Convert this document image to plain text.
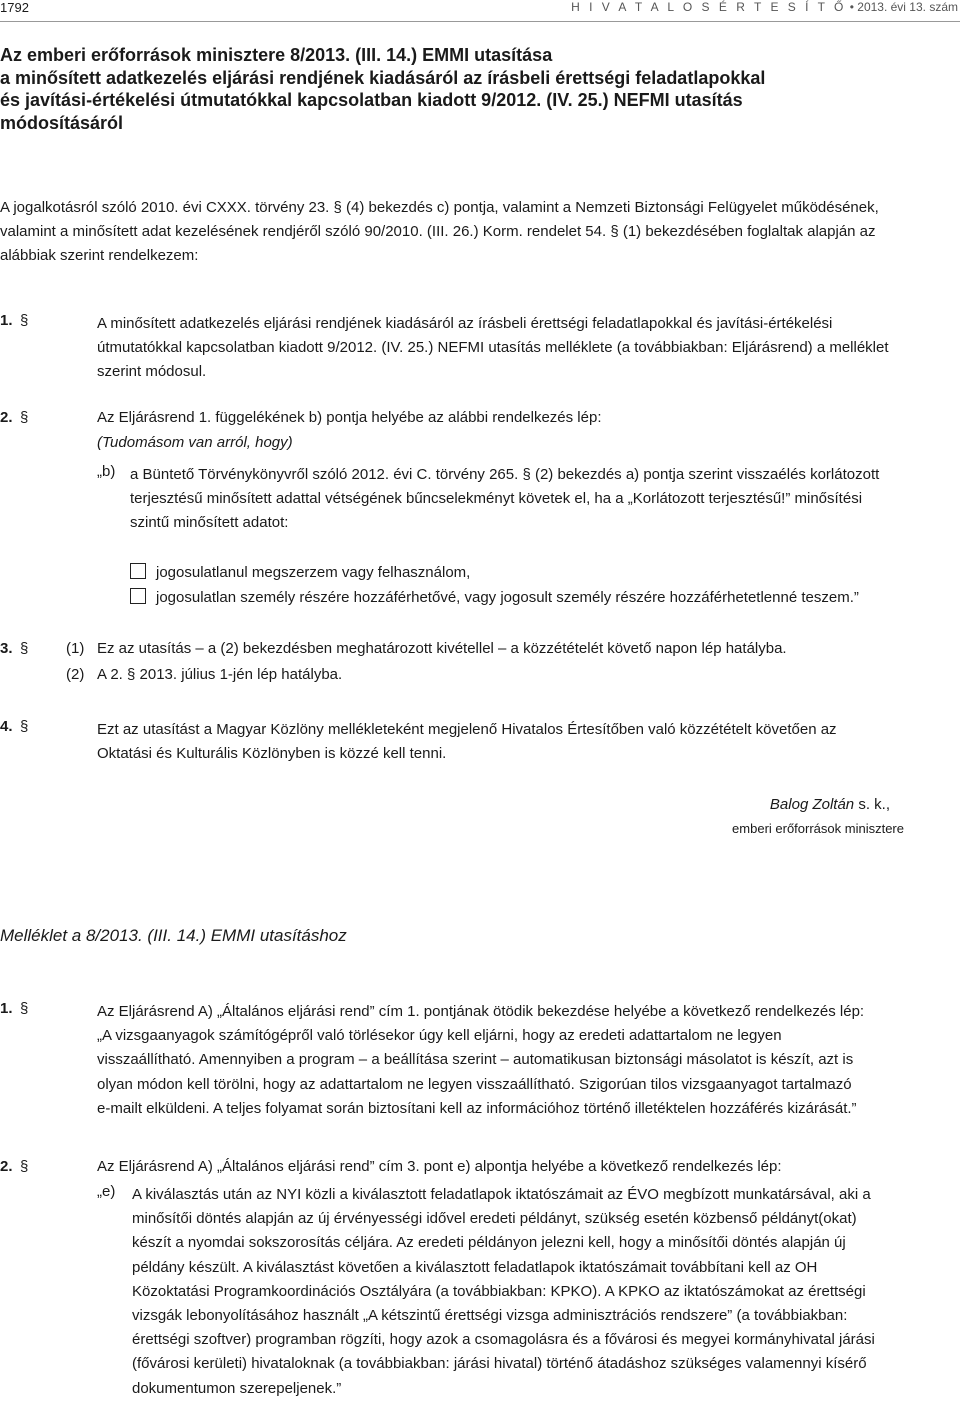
1792	H I V A T A L O S É R T E S Í T Ő • 2013. évi 13. szám
Az emberi erőforrások minisztere 8/2013. (III. 14.) EMMI utasítása
a minősített adatkezelés eljárási rendjének kiadásáról az írásbeli érettségi feladatlapokkal
és javítási-értékelési útmutatókkal kapcsolatban kiadott 9/2012. (IV. 25.) NEFMI utasítás
módosításáról
A jogalkotásról szóló 2010. évi CXXX. törvény 23. § (4) bekezdés c) pontja, valamint a Nemzeti Biztonsági Felügyelet működésének,
valamint a minősített adat kezelésének rendjéről szóló 90/2010. (III. 26.) Korm. rendelet 54. § (1) bekezdésében foglaltak alapján az
alábbiak szerint rendelkezem:
1. §	A minősített adatkezelés eljárási rendjének kiadásáról az írásbeli érettségi feladatlapokkal és javítási-értékelési
útmutatókkal kapcsolatban kiadott 9/2012. (IV. 25.) NEFMI utasítás melléklete (a továbbiakban: Eljárásrend) a melléklet
szerint módosul.
2. §	Az Eljárásrend 1. függelékének b) pontja helyébe az alábbi rendelkezés lép:
(Tudomásom van arról, hogy)
„b) a Büntető Törvénykönyvről szóló 2012. évi C. törvény 265. § (2) bekezdés a) pontja szerint visszaélés korlátozott
terjesztésű minősített adattal vétségének bűncselekményt követek el, ha a „Korlátozott terjesztésű!” minősítési
szintű minősített adatot:
jogosulatlanul megszerzem vagy felhasználom,
jogosulatlan személy részére hozzáférhetővé, vagy jogosult személy részére hozzáférhetetlenné teszem.”
3. §	(1) Ez az utasítás – a (2) bekezdésben meghatározott kivétellel – a közzétételét követő napon lép hatályba.
(2) A 2. § 2013. július 1-jén lép hatályba.
4. §	Ezt az utasítást a Magyar Közlöny mellékleteként megjelenő Hivatalos Értesítőben való közzétételt követően az
Oktatási és Kulturális Közlönyben is közzé kell tenni.
Balog Zoltán s. k.,
emberi erőforrások minisztere
Melléklet a 8/2013. (III. 14.) EMMI utasításhoz
1. §	Az Eljárásrend A) „Általános eljárási rend” cím 1. pontjának ötödik bekezdése helyébe a következő rendelkezés lép:
„A vizsgaanyagok számítógépről való törlésekor úgy kell eljárni, hogy az eredeti adattartalom ne legyen
visszaállítható. Amennyiben a program – a beállítása szerint – automatikusan biztonsági másolatot is készít, azt is
olyan módon kell törölni, hogy az adattartalom ne legyen visszaállítható. Szigorúan tilos vizsgaanyagot tartalmazó
e-mailt elküldeni. A teljes folyamat során biztosítani kell az információhoz történő illetéktelen hozzáférés kizárását.”
2. §	Az Eljárásrend A) „Általános eljárási rend” cím 3. pont e) alpontja helyébe a következő rendelkezés lép:
„e) A kiválasztás után az NYI közli a kiválasztott feladatlapok iktatószámait az ÉVO megbízott munkatársával, aki a
minősítői döntés alapján az új érvényességi idővel eredeti példányt, szükség esetén közbenső példányt(okat)
készít a nyomdai sokszorosítás céljára. Az eredeti példányon jelezni kell, hogy a minősítői döntés alapján új
példány készült. A kiválasztást követően a kiválasztott feladatlapok iktatószámait továbbítani kell az OH
Közoktatási Programkoordinációs Osztályára (a továbbiakban: KPKO). A KPKO az iktatószámokat az érettségi
vizsgák lebonyolításához használt „A kétszintű érettségi vizsga adminisztrációs rendszere” (a továbbiakban:
érettségi szoftver) programban rögzíti, hogy azok a csomagolásra és a fővárosi és megyei kormányhivatal járási
(fővárosi kerületi) hivataloknak (a továbbiakban: járási hivatal) történő átadáshoz szükséges valamennyi kísérő
dokumentumon szerepeljenek.”
